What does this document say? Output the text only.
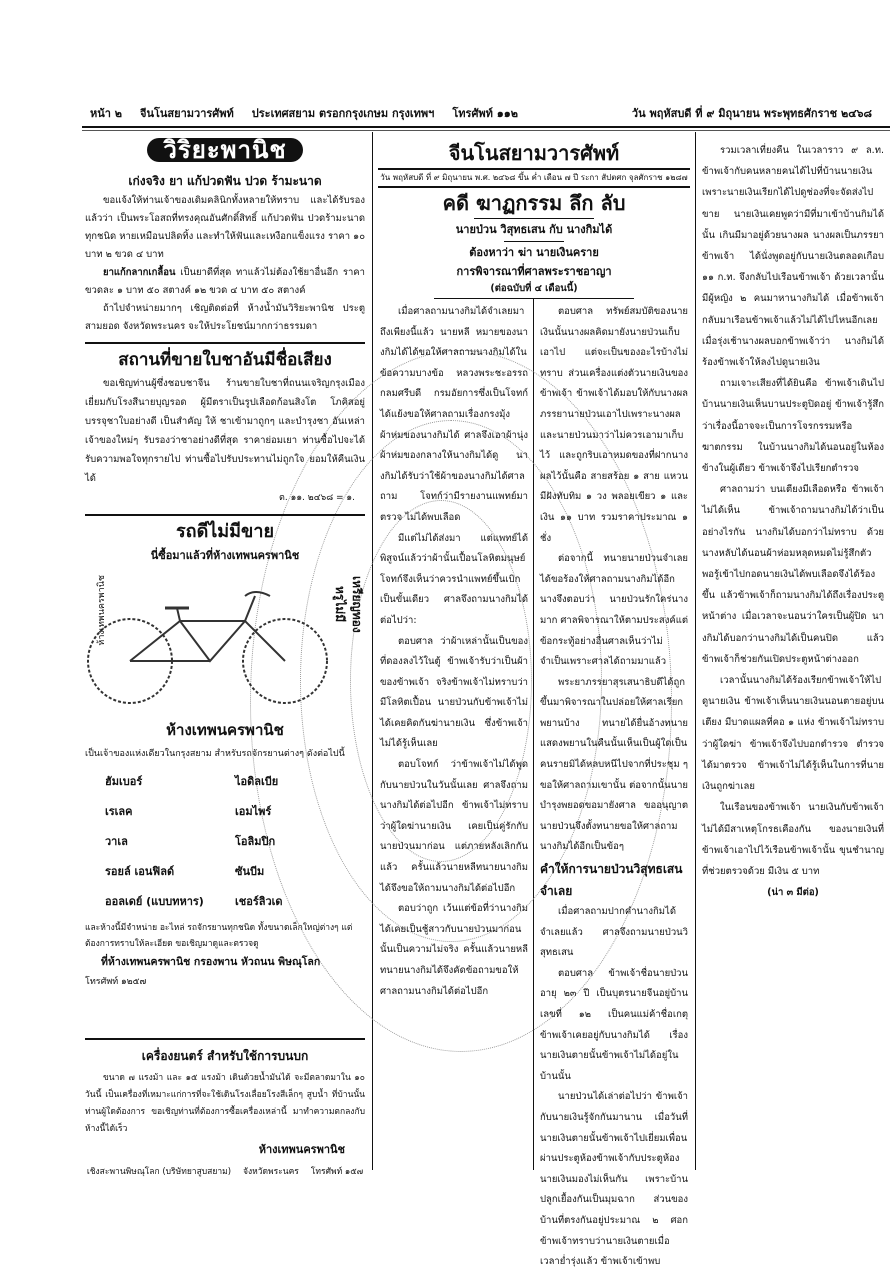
หน้า ๒ จีนโนสยามวารศัพท์ ประเทศสยาม ตรอกกรุงเกษม กรุงเทพฯ โทรศัพท์ ๑๑๒	วัน พฤหัสบดี ที่ ๙ มิถุนายน พระพุทธศักราช ๒๔๖๘
วิริยะพานิช
เก่งจริง ยา แก้ปวดฟัน ปวด ร้ามะนาด

ขอแจ้งให้ท่านเจ้าของเดิมคลินิกทั้งหลายให้ทราบ และได้รับรองแล้วว่า เป็นพระโอสถที่ทรงคุณอันศักดิ์สิทธิ์ แก้ปวดฟัน ปวดร้ามะนาด ทุกชนิด หายเหมือนปลิดทิ้ง และทำให้ฟันและเหงือกแข็งแรง ราคา ๑๐ บาท ๒ ขวด ๔ บาท

ยาแก้กลากเกลื้อน เป็นยาดีที่สุด ทาแล้วไม่ต้องใช้ยาอื่นอีก ราคาขวดละ ๑ บาท ๕๐ สตางค์ ๑๒ ขวด ๔ บาท ๕๐ สตางค์

ถ้าไปจำหน่ายมากๆ เชิญติดต่อที่ ห้างน้ำมันวิริยะพานิช ประตูสามยอด จังหวัดพระนคร จะให้ประโยชน์มากกว่าธรรมดา

สถานที่ขายใบชาอันมีชื่อเสียง

ขอเชิญท่านผู้ซึ่งชอบชาจีน ร้านขายใบชาที่ถนนเจริญกรุงเมืองเยี่ยมกับโรงสีนายบุญรอด ผู้มีตราเป็นรูปเลือดก้อนสิงโต โภคิสอยู่ บรรจุชาใบอย่างดี เป็นสำคัญ ให้ ชาเข้ามาถูกๆ และบำรุงชา อันเหล่าเจ้าของใหม่ๆ รับรองว่าชาอย่างดีที่สุด ราคาย่อมเยา ท่านซื้อไปจะได้รับความพอใจทุกรายไป ท่านซื้อไปรับประทานไม่ถูกใจ ยอมให้คืนเงินได้

ต. ๑๑. ๒๔๖๘ = ๑.
รถดีไม่มีขาย
นี่ซื้อมาแล้วที่ห้างเทพนครพานิช
หรูไม่มี เหรียญทอง
ห้างเทพนครพานิช
เป็นเจ้าของแห่งเดียวในกรุงสยาม สำหรับรถจักรยานต่างๆ ดังต่อไปนี้
ฮัมเบอร์	ไอดิลเบีย
เรเลค	เอมไพร์
วาเล	โอลิมปิก
รอยล์ เอนฟิลด์	ซันบีม
ออลเดย์ (แบบทหาร)	เชอร์ลิวเด
และห้างนี้มีจำหน่าย อะไหล่ รถจักรยานทุกชนิด ทั้งขนาดเล็กใหญ่ต่างๆ แต่
ต้องการทราบให้ละเอียด ขอเชิญมาดูและตรวจดู
ที่ห้างเทพนครพานิช กรองพาน หัวถนน พิษณุโลก
โทรศัพท์ ๑๒๕๗
เครื่องยนตร์ สำหรับใช้การบนบก

ขนาด ๗ แรงม้า และ ๑๕ แรงม้า เดินด้วยน้ำมันได้ จะมีตลาดมาใน ๑๐ วันนี้ เป็นเครื่องที่เหมาะแก่การที่จะใช้เดินโรงเลื่อยโรงสีเล็กๆ สูบน้ำ ที่บ้านนั้นท่านผู้ใดต้องการ ขอเชิญท่านที่ต้องการซื้อเครื่องเหล่านี้ มาทำความตกลงกับห้างนี้ได้เร็ว

ห้างเทพนครพานิช
เชิงสะพานพิษณุโลก (บริษัทยาสูบสยาม) จังหวัดพระนคร โทรศัพท์ ๑๕๗
ห้างเทพนครพานิช
จีนโนสยามวารศัพท์
วัน พฤหัสบดี ที่ ๙ มิถุนายน พ.ศ. ๒๔๖๘ ขึ้น ค่ำ เดือน ๗ ปี ระกา สัปตศก จุลศักราช ๑๒๘๗
คดี ฆาฏกรรม ลึก ลับ
นายป่วน วิสุทธเสน กับ นางกิมได้
ต้องหาว่า ฆ่า นายเงินคราย
การพิจารณาที่ศาลพระราชอาญา
(ต่อฉบับที่ ๔ เดือนนี้)

เมื่อศาลถามนางกิมได้จำเลยมาถึงเพียงนี้แล้ว นายหลี หมายของนางกิมได้ได้ขอให้ศาลถามนางกิมได้ในข้อความบางข้อ หลวงพระชะอรรถกลมศรีบดี กรมอัยการซึ่งเป็นโจทก์ได้แย้งขอให้ศาลถามเรื่องกรงมุ้งผ้าห่มของนางกิมได้ ศาลจึงเอาผ้านุ่งผ้าห่มของกลางให้นางกิมได้ดู นางกิมได้รับว่าใช้ผ้าของนางกิมได้ศาลถาม โจทก์ว่ามีรายงานแพทย์มาตรวจ ไม่ได้พบเลือด

มีแต่ไม่ได้ส่งมา แต่แพทย์ได้พิสูจน์แล้วว่าผ้านั้นเปื้อนโลหิตมนุษย์ โจทก์จึงเห็นว่าควรนำแพทย์ขึ้นเบิกเป็นขั้นเดียว ศาลจึงถามนางกิมได้ต่อไปว่า:

ตอบศาล ว่าผ้าเหล่านั้นเป็นของที่ดองลงไว้ในตู้ ข้าพเจ้ารับว่าเป็นผ้าของข้าพเจ้า จริงข้าพเจ้าไม่ทราบว่ามีโลหิตเปื้อน นายป่วนกับข้าพเจ้าไม่ได้เคยคิดกันฆ่านายเงิน ซึ่งข้าพเจ้าไม่ได้รู้เห็นเลย

ตอบโจทก์ ว่าข้าพเจ้าไม่ได้พูดกับนายป่วนในวันนั้นเลย ศาลจึงถามนางกิมได้ต่อไปอีก ข้าพเจ้าไม่ทราบว่าผู้ใดฆ่านายเงิน เคยเป็นคู่รักกับนายป่วนมาก่อน แต่ภายหลังเลิกกันแล้ว ครั้นแล้วนายหลีทนายนางกิมได้จึงขอให้ถามนางกิมได้ต่อไปอีก

ตอบว่าถูก เว้นแต่ข้อที่ว่านางกิมได้เคยเป็นชู้สาวกับนายป่วนมาก่อนนั้นเป็นความไม่จริง ครั้นแล้วนายหลีทนายนางกิมได้จึงคัดข้อถามขอให้ศาลถามนางกิมได้ต่อไปอีก

ตอบศาล ทรัพย์สมบัติของนายเงินนั้นนางผลคิดมายังนายป่วนเก็บเอาไป แต่จะเป็นของอะไรบ้างไม่ทราบ ส่วนเครื่องแต่งตัวนายเงินของข้าพเจ้า ข้าพเจ้าได้มอบให้กับนางผลภรรยานายป่วนเอาไปเพราะนางผลและนายป่วนมาว่าไม่ควรเอามาเก็บไว้ และถูกริบเอาหมดของที่ฝากนางผลไว้นั้นคือ สายสร้อย ๑ สาย แหวนมีฝังทับทิม ๑ วง พลอยเขียว ๑ และเงิน ๑๑ บาท รวมราคาประมาณ ๑ ชั่ง

ต่อจากนี้ ทนายนายป่วนจำเลยได้ขอร้องให้ศาลถามนางกิมได้อีก นางจึงตอบว่า นายป่วนรักใคร่นางมาก ศาลพิจารณาให้ตามประสงค์แต่ข้อกระทู้อย่างอื่นศาลเห็นว่าไม่จำเป็นเพราะศาลได้ถามมาแล้ว

พระยาภรรยาสุรเสนาธิบดีได้ถูกขึ้นมาพิจารณาในปล่อยให้ศาลเรียกพยานบ้าง ทนายได้ยื่นอ้างทนายแสดงพยานในคืนนั้นเห็นเป็นผู้ใดเป็นคนรายมิได้หลบหนีไปจากที่ประชุม ๆ ขอให้ศาลถามเขานั้น ต่อจากนั้นนายบำรุงพยอดขอมายังศาล ขออนุญาตนายป่วนจึงตั้งทนายขอให้ศาลถามนางกิมได้อีกเป็นข้อๆ

คำให้การนายป่วนวิสุทธเสนจำเลย

เมื่อศาลถามปากคำนางกิมได้จำเลยแล้ว ศาลจึงถามนายป่วนวิสุทธเสน

ตอบศาล ข้าพเจ้าชื่อนายป่วนอายุ ๒๓ ปี เป็นบุตรนายจีนอยู่บ้านเลขที่ ๑๒ เป็นคนแม่ค้าชื่อเกตุ ข้าพเจ้าเคยอยู่กับนางกิมได้ เรื่องนายเงินตายนั้นข้าพเจ้าไม่ได้อยู่ในบ้านนั้น

นายป่วนได้เล่าต่อไปว่า ข้าพเจ้ากับนายเงินรู้จักกันมานาน เมื่อวันที่นายเงินตายนั้นข้าพเจ้าไปเยี่ยมเพื่อน ผ่านประตูห้องข้าพเจ้ากับประตูห้องนายเงินมองไม่เห็นกัน เพราะบ้านปลูกเยื้องกันเป็นมุมฉาก ส่วนของบ้านที่ตรงกันอยู่ประมาณ ๒ ศอก ข้าพเจ้าทราบว่านายเงินตายเมื่อเวลาย่ำรุ่งแล้ว ข้าพเจ้าเข้าพบ

รวมเวลาเที่ยงคืน ในเวลาราว ๙ ล.ท. ข้าพเจ้ากับคนหลายคนได้ไปที่บ้านนายเงิน เพราะนายเงินเรียกได้ไปดูช่องที่จะจัดส่งไปขาย นายเงินเคยพูดว่ามีที่มาเข้าบ้านกิมได้นั้น เกินมีมาอยู่ด้วยนางผล นางผลเป็นภรรยาข้าพเจ้า ได้นั่งพูดอยู่กับนายเงินตลอดเกือบ ๑๑ ก.ท. จึงกลับไปเรือนข้าพเจ้า ด้วยเวลานั้นมีผู้หญิง ๒ คนมาหานางกิมได้ เมื่อข้าพเจ้ากลับมาเรือนข้าพเจ้าแล้วไม่ได้ไปไหนอีกเลย เมื่อรุ่งเช้านางผลบอกข้าพเจ้าว่า นางกิมได้ร้องข้าพเจ้าให้ลงไปดูนายเงิน

ถามเจาะเสียงที่ได้ยินคือ ข้าพเจ้าเดินไปบ้านนายเงินเห็นบานประตูปิดอยู่ ข้าพเจ้ารู้สึกว่าเรื่องนี้อาจจะเป็นการโจรกรรมหรือฆาตกรรม ในบ้านนางกิมได้นอนอยู่ในห้องข้างในผู้เดียว ข้าพเจ้าจึงไปเรียกตำรวจ

ศาลถามว่า บนเตียงมีเลือดหรือ ข้าพเจ้าไม่ได้เห็น ข้าพเจ้าถามนางกิมได้ว่าเป็นอย่างไรกัน นางกิมได้บอกว่าไม่ทราบ ด้วยนางหลับได้นอนผ้าห่อมหลุดหมดไม่รู้สึกตัว พอรู้เข้าไปกอดนายเงินได้พบเลือดจึงได้ร้องขึ้น แล้วข้าพเจ้าก็ถามนางกิมได้ถึงเรื่องประตูหน้าต่าง เมื่อเวลาจะนอนว่าใครเป็นผู้ปิด นางกิมได้บอกว่านางกิมได้เป็นคนปิด แล้วข้าพเจ้าก็ช่วยกันเปิดประตูหน้าต่างออก

เวลานั้นนางกิมได้ร้องเรียกข้าพเจ้าให้ไปดูนายเงิน ข้าพเจ้าเห็นนายเงินนอนตายอยู่บนเตียง มีบาดแผลที่คอ ๑ แห่ง ข้าพเจ้าไม่ทราบว่าผู้ใดฆ่า ข้าพเจ้าจึงไปบอกตำรวจ ตำรวจได้มาตรวจ ข้าพเจ้าไม่ได้รู้เห็นในการที่นายเงินถูกฆ่าเลย

ในเรือนของข้าพเจ้า นายเงินกับข้าพเจ้าไม่ได้มีสาเหตุโกรธเคืองกัน ของนายเงินที่ข้าพเจ้าเอาไปไว้เรือนข้าพเจ้านั้น ขุนชำนาญที่ช่วยตรวจด้วย มีเงิน ๕ บาท

(น่า ๓ มีต่อ)
